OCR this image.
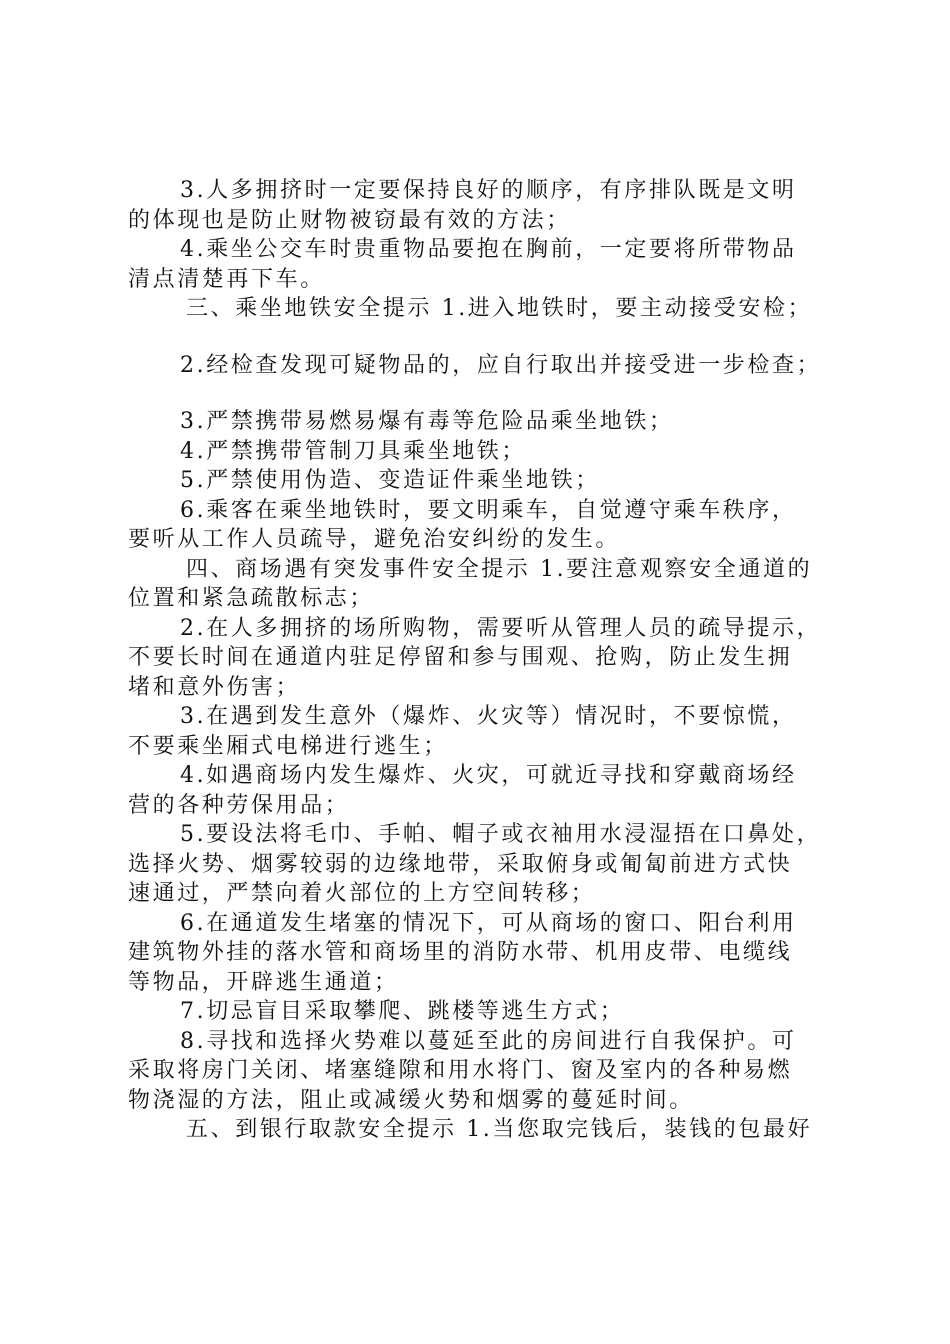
3.人多拥挤时一定要保持良好的顺序，有序排队既是文明
的体现也是防止财物被窃最有效的方法；
4.乘坐公交车时贵重物品要抱在胸前，一定要将所带物品
清点清楚再下车。
三、乘坐地铁安全提示 1.进入地铁时，要主动接受安检；
2.经检查发现可疑物品的，应自行取出并接受进一步检查；
3.严禁携带易燃易爆有毒等危险品乘坐地铁；
4.严禁携带管制刀具乘坐地铁；
5.严禁使用伪造、变造证件乘坐地铁；
6.乘客在乘坐地铁时，要文明乘车，自觉遵守乘车秩序，
要听从工作人员疏导，避免治安纠纷的发生。
四、商场遇有突发事件安全提示 1.要注意观察安全通道的
位置和紧急疏散标志；
2.在人多拥挤的场所购物，需要听从管理人员的疏导提示，
不要长时间在通道内驻足停留和参与围观、抢购，防止发生拥
堵和意外伤害；
3.在遇到发生意外（爆炸、火灾等）情况时，不要惊慌，
不要乘坐厢式电梯进行逃生；
4.如遇商场内发生爆炸、火灾，可就近寻找和穿戴商场经
营的各种劳保用品；
5.要设法将毛巾、手帕、帽子或衣袖用水浸湿捂在口鼻处，
选择火势、烟雾较弱的边缘地带，采取俯身或匍匐前进方式快
速通过，严禁向着火部位的上方空间转移；
6.在通道发生堵塞的情况下，可从商场的窗口、阳台利用
建筑物外挂的落水管和商场里的消防水带、机用皮带、电缆线
等物品，开辟逃生通道；
7.切忌盲目采取攀爬、跳楼等逃生方式；
8.寻找和选择火势难以蔓延至此的房间进行自我保护。可
采取将房门关闭、堵塞缝隙和用水将门、窗及室内的各种易燃
物浇湿的方法，阻止或减缓火势和烟雾的蔓延时间。
五、到银行取款安全提示 1.当您取完钱后，装钱的包最好
